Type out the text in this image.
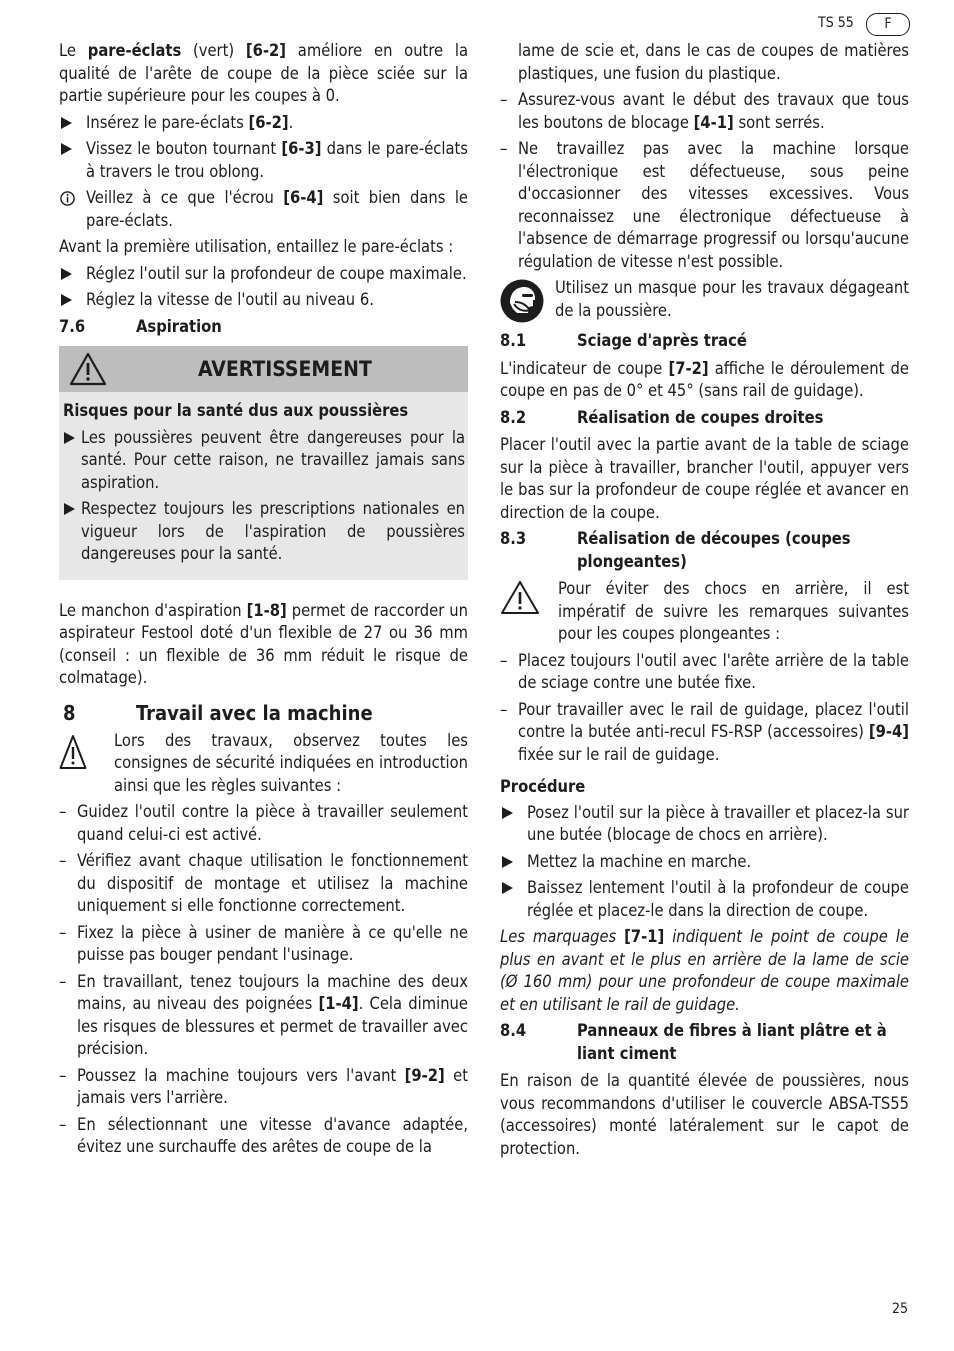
TS 55	F

Le pare-éclats (vert) [6-2] améliore en outre la qualité de l'arête de coupe de la pièce sciée sur la partie supérieure pour les coupes à 0.

Insérez le pare-éclats [6-2].
Vissez le bouton tournant [6-3] dans le pare-éclats à travers le trou oblong.
Veillez à ce que l'écrou [6-4] soit bien dans le pare-éclats.

Avant la première utilisation, entaillez le pare-éclats :

Réglez l'outil sur la profondeur de coupe maximale.
Réglez la vitesse de l'outil au niveau 6.
7.6	Aspiration
AVERTISSEMENT
Risques pour la santé dus aux poussières
Les poussières peuvent être dangereuses pour la santé. Pour cette raison, ne travaillez jamais sans aspiration.
Respectez toujours les prescriptions nationales en vigueur lors de l'aspiration de poussières dangereuses pour la santé.

Le manchon d'aspiration [1-8] permet de raccorder un aspirateur Festool doté d'un flexible de 27 ou 36 mm (conseil : un flexible de 36 mm réduit le risque de colmatage).

8	Travail avec la machine
Lors des travaux, observez toutes les consignes de sécurité indiquées en introduction ainsi que les règles suivantes :
– Guidez l'outil contre la pièce à travailler seulement quand celui-ci est activé.
– Vérifiez avant chaque utilisation le fonctionnement du dispositif de montage et utilisez la machine uniquement si elle fonctionne correctement.
– Fixez la pièce à usiner de manière à ce qu'elle ne puisse pas bouger pendant l'usinage.
– En travaillant, tenez toujours la machine des deux mains, au niveau des poignées [1-4]. Cela diminue les risques de blessures et permet de travailler avec précision.
– Poussez la machine toujours vers l'avant [9-2] et jamais vers l'arrière.
– En sélectionnant une vitesse d'avance adaptée, évitez une surchauffe des arêtes de coupe de la
lame de scie et, dans le cas de coupes de matières plastiques, une fusion du plastique.
– Assurez-vous avant le début des travaux que tous les boutons de blocage [4-1] sont serrés.
– Ne travaillez pas avec la machine lorsque l'électronique est défectueuse, sous peine d'occasionner des vitesses excessives. Vous reconnaissez une électronique défectueuse à l'absence de démarrage progressif ou lorsqu'aucune régulation de vitesse n'est possible.
Utilisez un masque pour les travaux dégageant de la poussière.
8.1	Sciage d'après tracé

L'indicateur de coupe [7-2] affiche le déroulement de coupe en pas de 0° et 45° (sans rail de guidage).

8.2	Réalisation de coupes droites

Placer l'outil avec la partie avant de la table de sciage sur la pièce à travailler, brancher l'outil, appuyer vers le bas sur la profondeur de coupe réglée et avancer en direction de la coupe.

8.3	Réalisation de découpes (coupes plongeantes)
Pour éviter des chocs en arrière, il est impératif de suivre les remarques suivantes pour les coupes plongeantes :
– Placez toujours l'outil avec l'arête arrière de la table de sciage contre une butée fixe.
– Pour travailler avec le rail de guidage, placez l'outil contre la butée anti-recul FS-RSP (accessoires) [9-4] fixée sur le rail de guidage.
Procédure
Posez l'outil sur la pièce à travailler et placez-la sur une butée (blocage de chocs en arrière).
Mettez la machine en marche.
Baissez lentement l'outil à la profondeur de coupe réglée et placez-le dans la direction de coupe.

Les marquages [7-1] indiquent le point de coupe le plus en avant et le plus en arrière de la lame de scie (Ø 160 mm) pour une profondeur de coupe maximale et en utilisant le rail de guidage.

8.4	Panneaux de fibres à liant plâtre et à liant ciment

En raison de la quantité élevée de poussières, nous vous recommandons d'utiliser le couvercle ABSA-TS55 (accessoires) monté latéralement sur le capot de protection.

25
